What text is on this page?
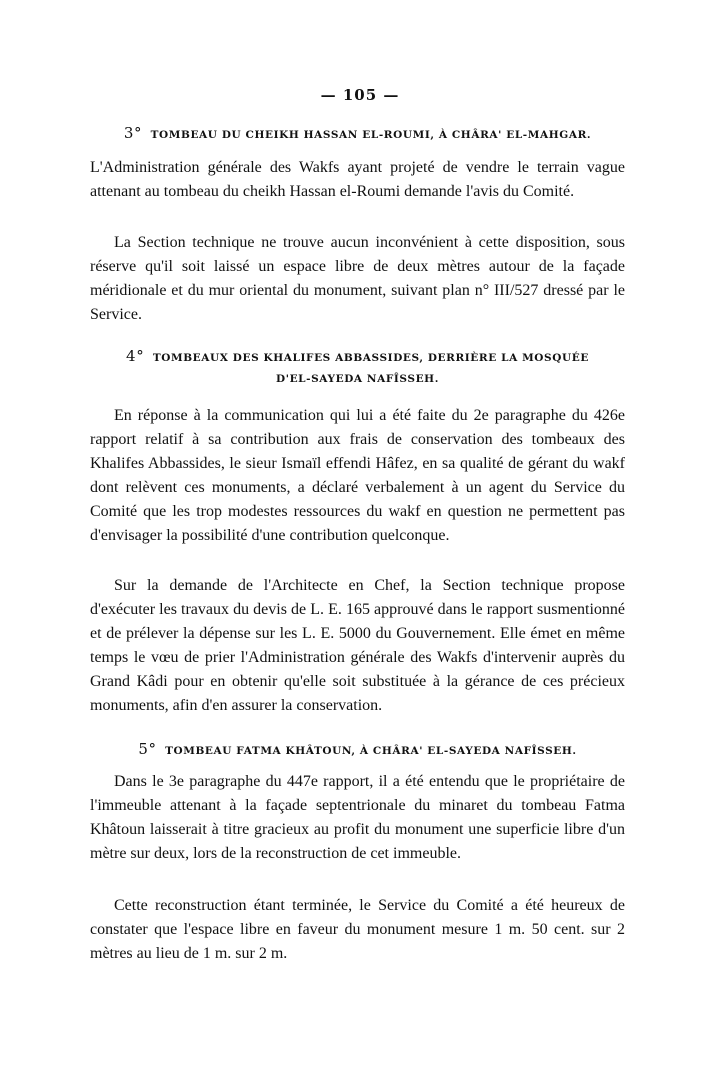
— 105 —
3° TOMBEAU DU CHEIKH HASSAN EL-ROUMI, À CHÂRA' EL-MAHGAR.

L'Administration générale des Wakfs ayant projeté de vendre le terrain vague attenant au tombeau du cheikh Hassan el-Roumi demande l'avis du Comité.

La Section technique ne trouve aucun inconvénient à cette disposition, sous réserve qu'il soit laissé un espace libre de deux mètres autour de la façade méridionale et du mur oriental du monument, suivant plan n° III/527 dressé par le Service.

4° TOMBEAUX DES KHALIFES ABBASSIDES, DERRIÈRE LA MOSQUÉE
D'EL-SAYEDA NAFÎSSEH.

En réponse à la communication qui lui a été faite du 2e paragraphe du 426e rapport relatif à sa contribution aux frais de conservation des tombeaux des Khalifes Abbassides, le sieur Ismaïl effendi Hâfez, en sa qualité de gérant du wakf dont relèvent ces monuments, a déclaré verbalement à un agent du Service du Comité que les trop modestes ressources du wakf en question ne permettent pas d'envisager la possibilité d'une contribution quelconque.

Sur la demande de l'Architecte en Chef, la Section technique propose d'exécuter les travaux du devis de L. E. 165 approuvé dans le rapport susmentionné et de prélever la dépense sur les L. E. 5000 du Gouvernement. Elle émet en même temps le vœu de prier l'Administration générale des Wakfs d'intervenir auprès du Grand Kâdi pour en obtenir qu'elle soit substituée à la gérance de ces précieux monuments, afin d'en assurer la conservation.

5° TOMBEAU FATMA KHÂTOUN, À CHÂRA' EL-SAYEDA NAFÎSSEH.

Dans le 3e paragraphe du 447e rapport, il a été entendu que le propriétaire de l'immeuble attenant à la façade septentrionale du minaret du tombeau Fatma Khâtoun laisserait à titre gracieux au profit du monument une superficie libre d'un mètre sur deux, lors de la reconstruction de cet immeuble.

Cette reconstruction étant terminée, le Service du Comité a été heureux de constater que l'espace libre en faveur du monument mesure 1 m. 50 cent. sur 2 mètres au lieu de 1 m. sur 2 m.
